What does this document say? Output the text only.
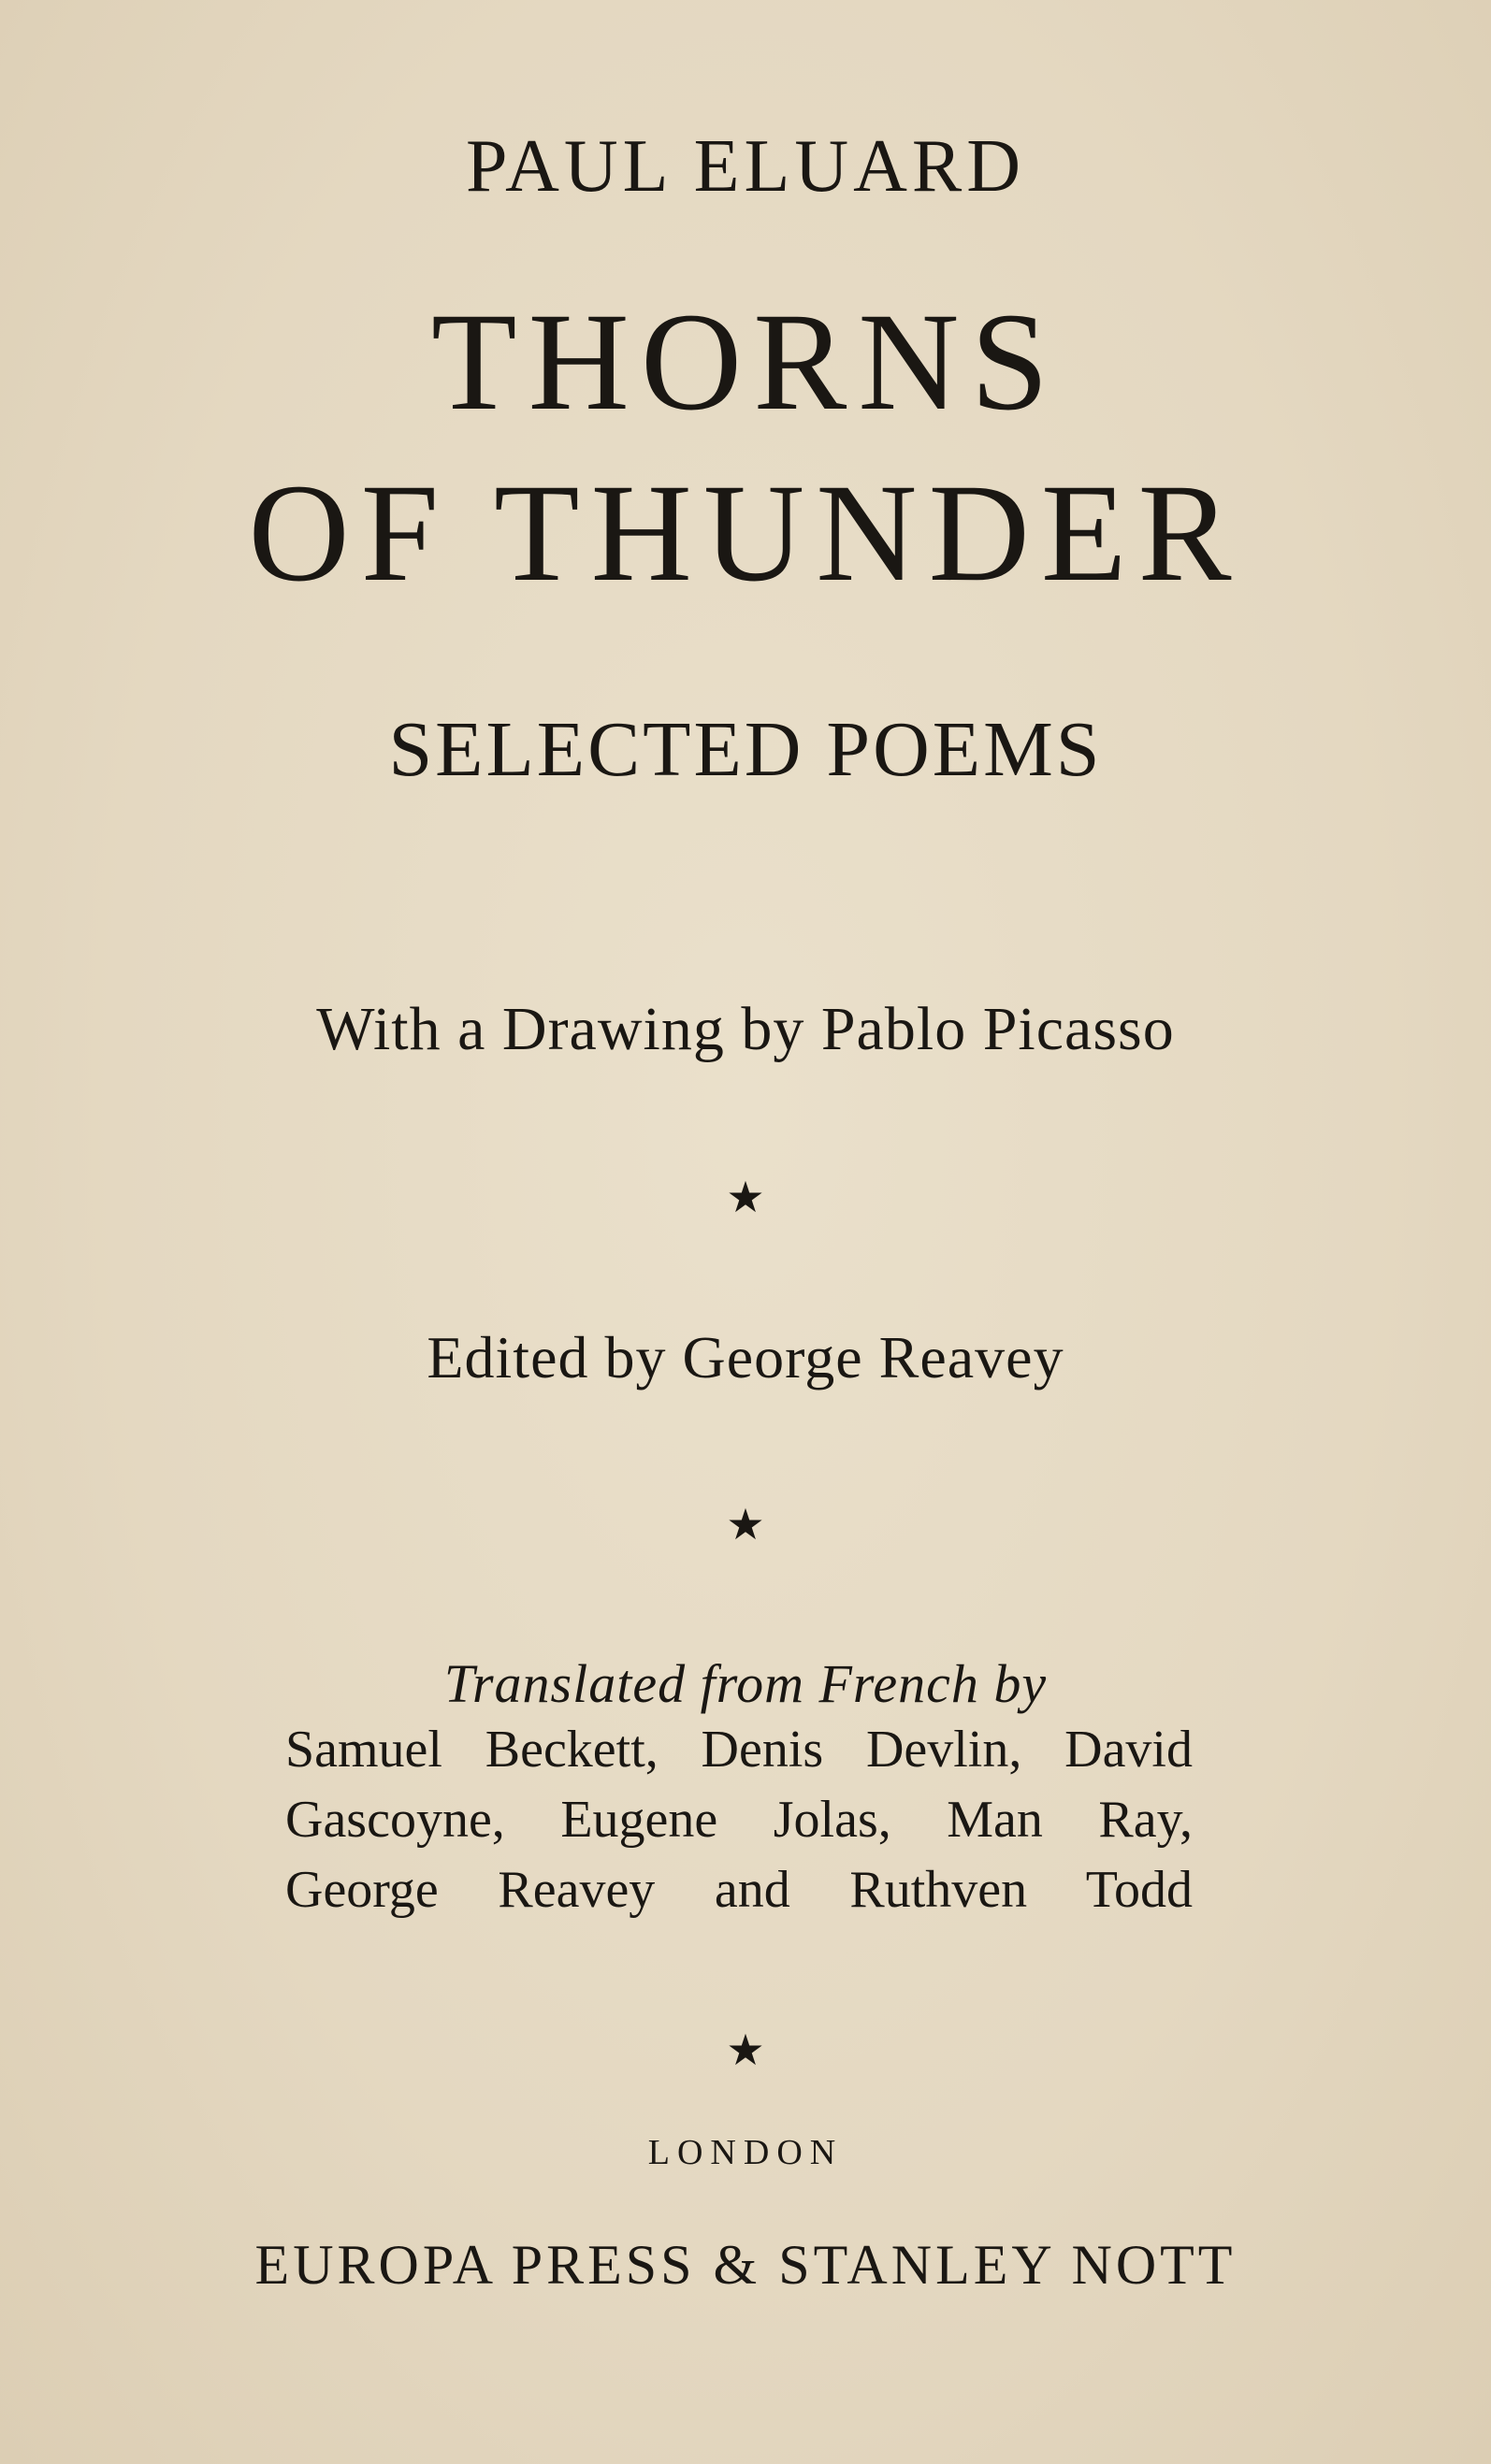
PAUL ELUARD
THORNS
OF THUNDER
SELECTED POEMS
With a Drawing by Pablo Picasso
★
Edited by George Reavey
★
Translated from French by
Samuel Beckett, Denis Devlin, David
Gascoyne, Eugene Jolas, Man Ray,
George Reavey and Ruthven Todd
★
LONDON
EUROPA PRESS & STANLEY NOTT
